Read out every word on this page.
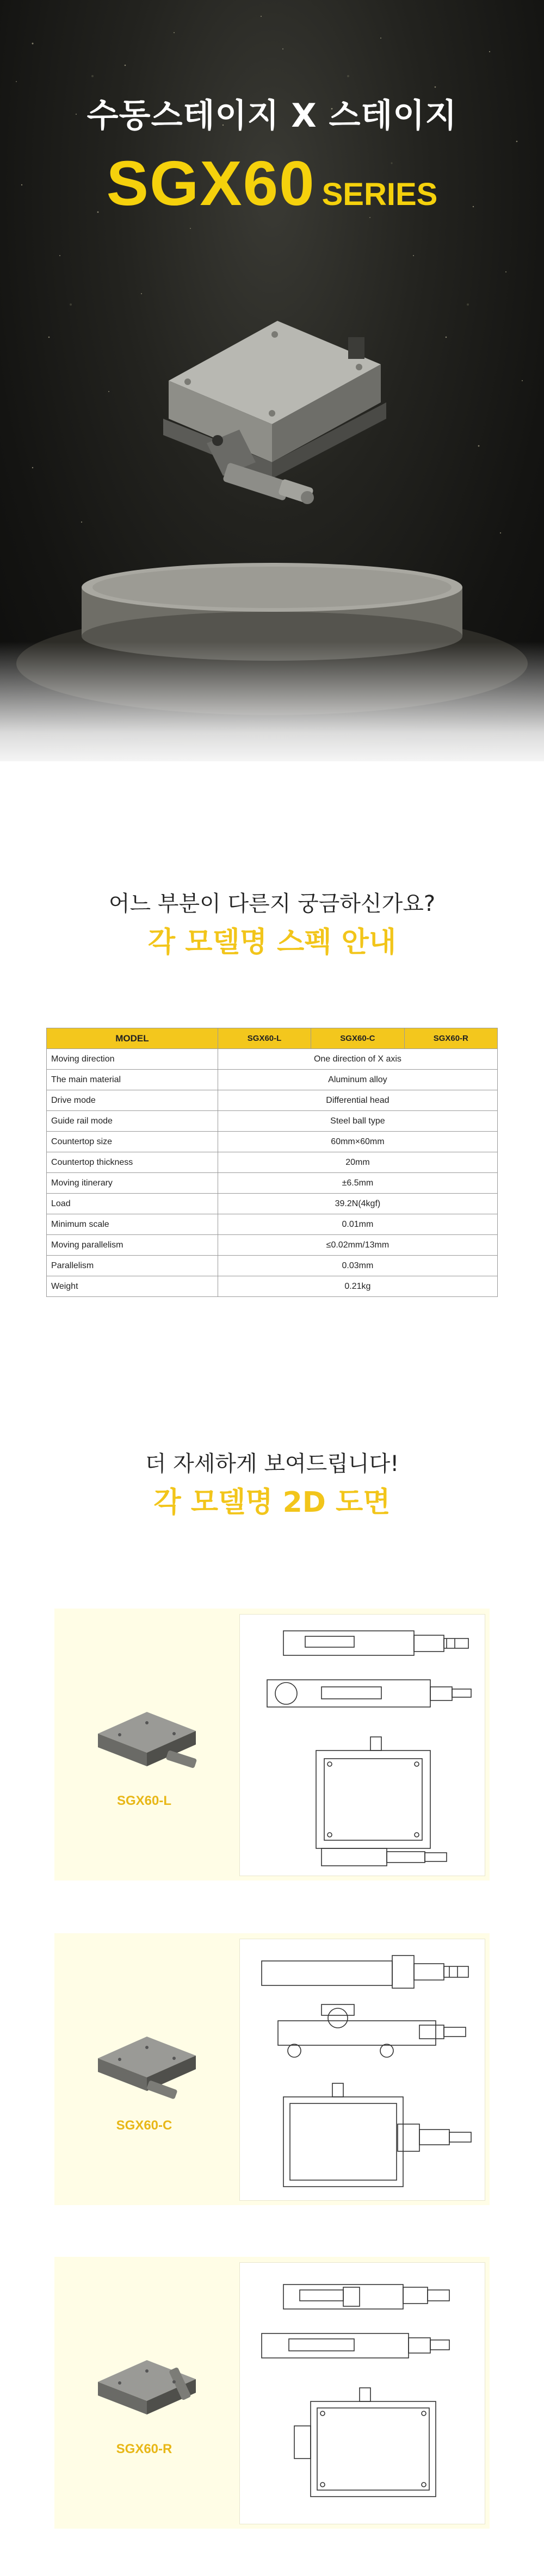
수동스테이지 X 스테이지
SGX60 SERIES
어느 부분이 다른지 궁금하신가요?
각 모델명 스펙 안내
MODEL	SGX60-L	SGX60-C	SGX60-R
Moving direction	One direction of X axis		
The main material	Aluminum alloy		
Drive mode	Differential head		
Guide rail mode	Steel ball type		
Countertop size	60mm×60mm		
Countertop thickness	20mm		
Moving itinerary	±6.5mm		
Load	39.2N(4kgf)		
Minimum scale	0.01mm		
Moving parallelism	≤0.02mm/13mm		
Parallelism	0.03mm		
Weight	0.21kg		
더 자세하게 보여드립니다!
각 모델명 2D 도면
SGX60-L
SGX60-C
SGX60-R
